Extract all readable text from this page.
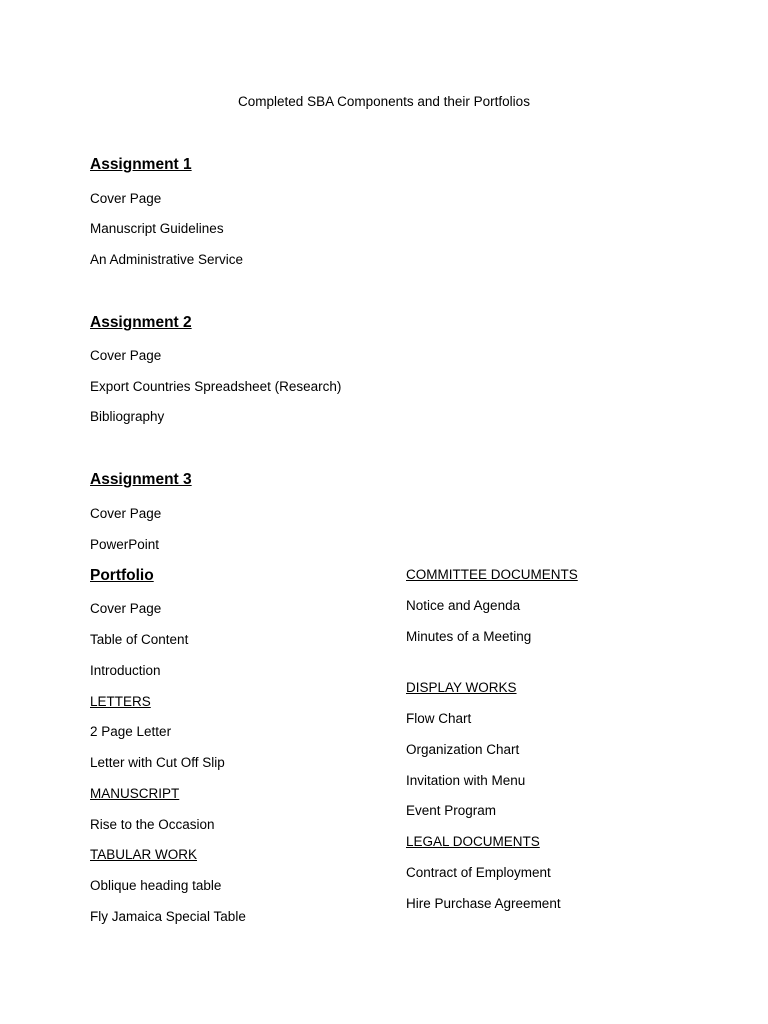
Completed SBA Components and their Portfolios
Assignment 1
Cover Page
Manuscript Guidelines
An Administrative Service
Assignment 2
Cover Page
Export Countries Spreadsheet (Research)
Bibliography
Assignment 3
Cover Page
PowerPoint
Portfolio
Cover Page
Table of Content
Introduction
LETTERS
2 Page Letter
Letter with Cut Off Slip
MANUSCRIPT
Rise to the Occasion
TABULAR WORK
Oblique heading table
Fly Jamaica Special Table
COMMITTEE DOCUMENTS
Notice and Agenda
Minutes of a Meeting
DISPLAY WORKS
Flow Chart
Organization Chart
Invitation with Menu
Event Program
LEGAL DOCUMENTS
Contract of Employment
Hire Purchase Agreement
